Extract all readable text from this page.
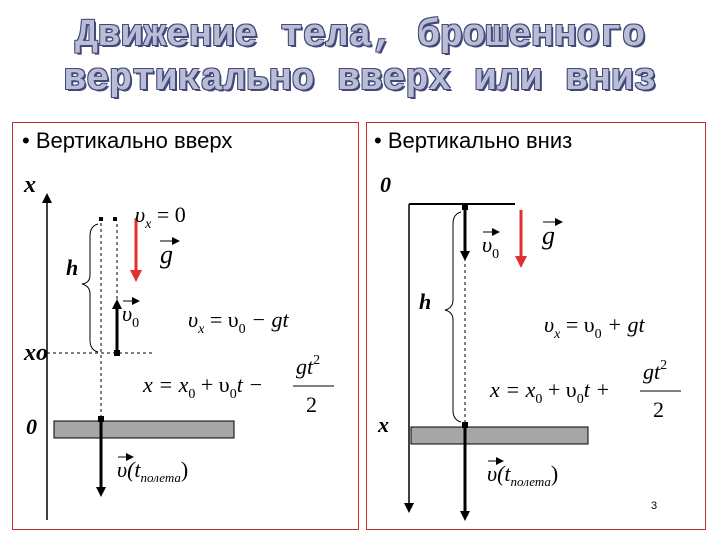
Движение тела, брошенного
вертикально вверх или вниз
• Вертикально вверх	• Вертикально вниз
x
0
xo
h	g
$\upsilon_x = 0$
$\upsilon_0$ $\upsilon_x = \upsilon_0$ − gt
$x = x_0 + \upsilon_0t$ −
$gt^2$
2
$\upsilon(t_{полета})$
0
h
g
$\upsilon_0$
$\upsilon_x = \upsilon_0$ + gt
$x = x_0 + \upsilon_0t$ +
$gt^2$
2
x
$\upsilon(t_{полета})$
3
